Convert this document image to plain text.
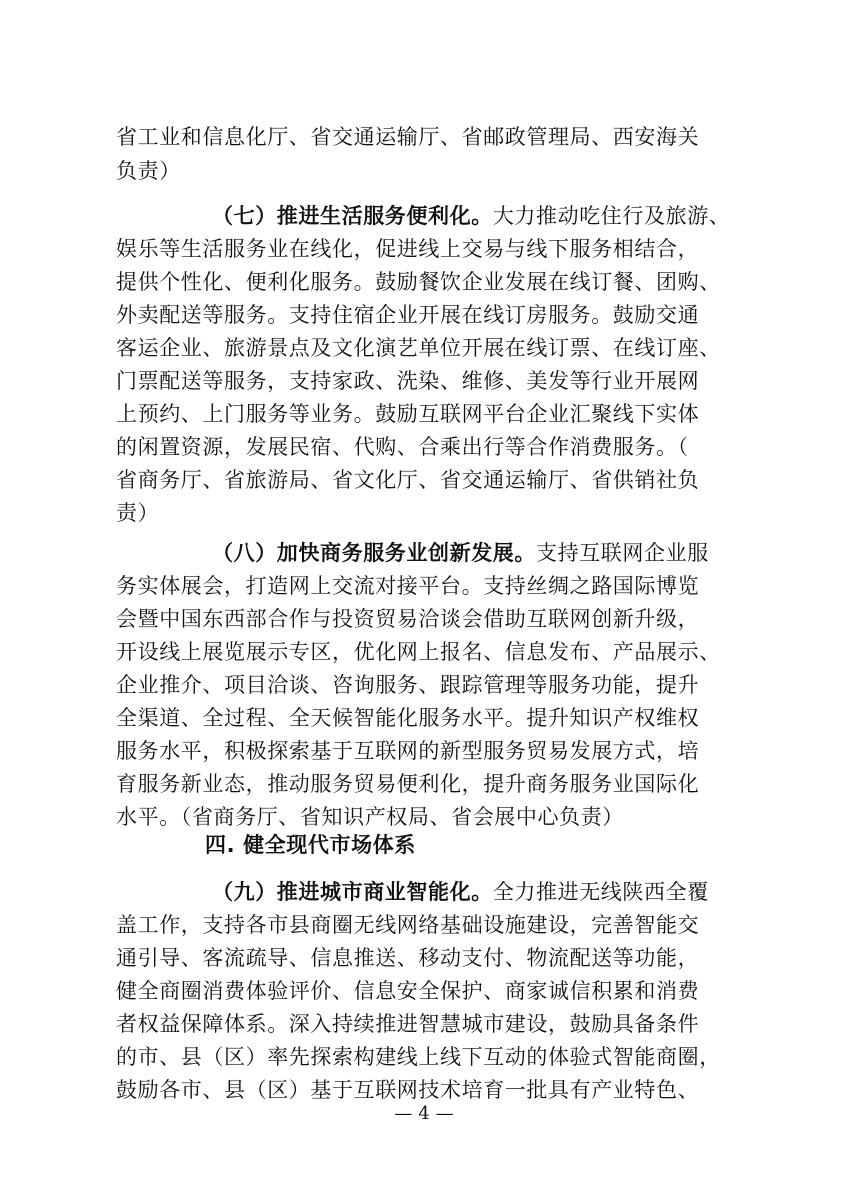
省工业和信息化厅、省交通运输厅、省邮政管理局、西安海关
负责）
（七）推进生活服务便利化。大力推动吃住行及旅游、
娱乐等生活服务业在线化，促进线上交易与线下服务相结合，
提供个性化、便利化服务。鼓励餐饮企业发展在线订餐、团购、
外卖配送等服务。支持住宿企业开展在线订房服务。鼓励交通
客运企业、旅游景点及文化演艺单位开展在线订票、在线订座、
门票配送等服务，支持家政、洗染、维修、美发等行业开展网
上预约、上门服务等业务。鼓励互联网平台企业汇聚线下实体
的闲置资源，发展民宿、代购、合乘出行等合作消费服务。（
省商务厅、省旅游局、省文化厅、省交通运输厅、省供销社负
责）
（八）加快商务服务业创新发展。支持互联网企业服
务实体展会，打造网上交流对接平台。支持丝绸之路国际博览
会暨中国东西部合作与投资贸易洽谈会借助互联网创新升级，
开设线上展览展示专区，优化网上报名、信息发布、产品展示、
企业推介、项目洽谈、咨询服务、跟踪管理等服务功能，提升
全渠道、全过程、全天候智能化服务水平。提升知识产权维权
服务水平，积极探索基于互联网的新型服务贸易发展方式，培
育服务新业态，推动服务贸易便利化，提升商务服务业国际化
水平。（省商务厅、省知识产权局、省会展中心负责）
四. 健全现代市场体系
（九）推进城市商业智能化。全力推进无线陕西全覆
盖工作，支持各市县商圈无线网络基础设施建设，完善智能交
通引导、客流疏导、信息推送、移动支付、物流配送等功能，
健全商圈消费体验评价、信息安全保护、商家诚信积累和消费
者权益保障体系。深入持续推进智慧城市建设，鼓励具备条件
的市、县（区）率先探索构建线上线下互动的体验式智能商圈，
鼓励各市、县（区）基于互联网技术培育一批具有产业特色、
— 4 —
